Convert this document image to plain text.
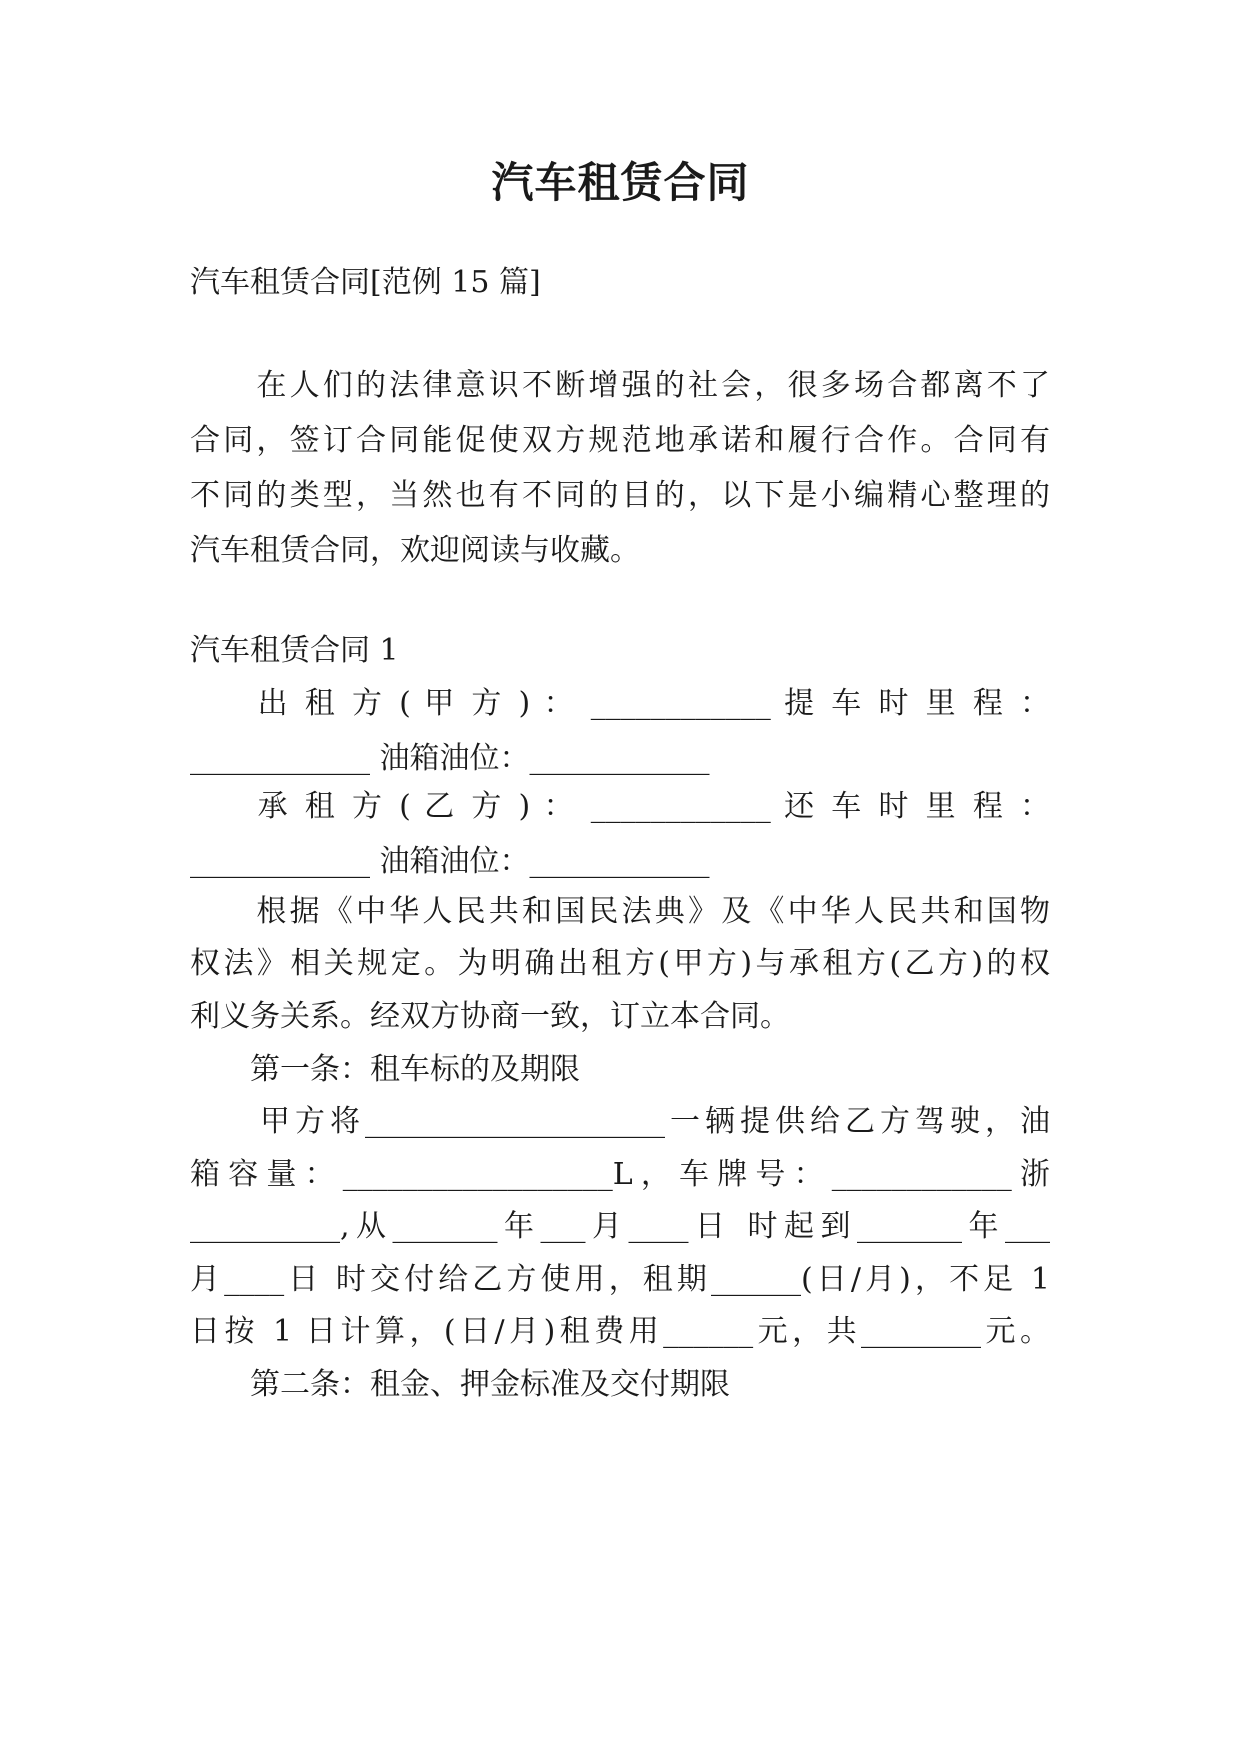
汽车租赁合同
汽车租赁合同[范例 15 篇]
　　在人们的法律意识不断增强的社会，很多场合都离不了
合同，签订合同能促使双方规范地承诺和履行合作。合同有
不同的类型，当然也有不同的目的，以下是小编精心整理的
汽车租赁合同，欢迎阅读与收藏。
汽车租赁合同 1
　　出 租 方 ( 甲 方 ) ： ____________ 提 车 时 里 程 ：
____________ 油箱油位：____________
　　承 租 方 ( 乙 方 ) ： ____________ 还 车 时 里 程 ：
____________ 油箱油位：____________
　　根据《中华人民共和国民法典》及《中华人民共和国物
权法》相关规定。为明确出租方(甲方)与承租方(乙方)的权
利义务关系。经双方协商一致，订立本合同。
　　第一条：租车标的及期限
　　甲方将____________________一辆提供给乙方驾驶，油
箱容量：__________________L，车牌号：____________浙
__________,从_______年___月____日 时起到_______年___
月____日 时交付给乙方使用，租期______(日/月)，不足 1
日按 1 日计算，(日/月)租费用______元，共________元。
　　第二条：租金、押金标准及交付期限
